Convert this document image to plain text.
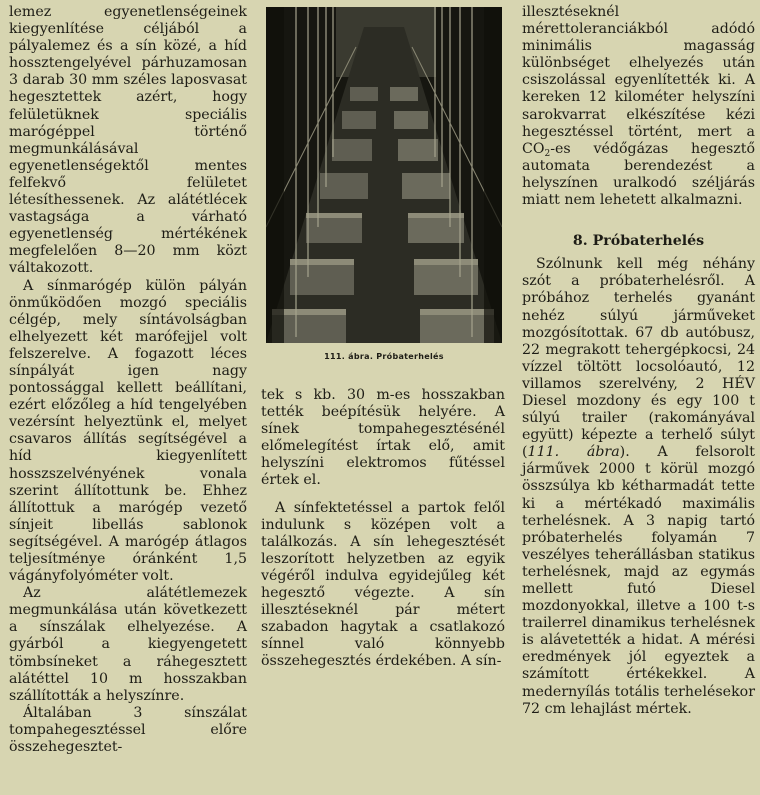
lemez egyenetlenségeinek kiegyenlítése céljából a pályalemez és a sín közé, a híd hossztengelyével párhuzamosan 3 darab 30 mm széles laposvasat hegesztettek azért, hogy felületüknek speciális marógéppel történő megmunkálásával egyenetlenségektől mentes felfekvő felületet létesíthessenek. Az alátétlécek vastagsága a várható egyenetlenség mértékének megfelelően 8—20 mm közt váltakozott.

A sínmarógép külön pályán önműködően mozgó speciális célgép, mely síntávolságban elhelyezett két marófejjel volt felszerelve. A fogazott léces sínpályát igen nagy pontossággal kellett beállítani, ezért előzőleg a híd tengelyében vezérsínt helyeztünk el, melyet csavaros állítás segítségével a híd kiegyenlített hosszszelvényének vonala szerint állítottunk be. Ehhez állítottuk a marógép vezető sínjeit libellás sablonok segítségével. A marógép átlagos teljesítménye óránként 1,5 vágányfolyóméter volt.

Az alátétlemezek megmunkálása után következett a sínszálak elhelyezése. A gyárból a kiegyengetett tömbsíneket a ráhegesztett alátéttel 10 m hosszakban szállították a helyszínre.

Általában 3 sínszálat tompahegesztéssel előre összehegesztet-

111. ábra. Próbaterhelés

tek s kb. 30 m-es hosszakban tették beépítésük helyére. A sínek tompahegesztésénél előmelegítést írtak elő, amit helyszíni elektromos fűtéssel értek el.

A sínfektetéssel a partok felől indulunk s középen volt a találkozás. A sín lehegesztését leszorított helyzetben az egyik végéről indulva egyidejűleg két hegesztő végezte. A sín illesztéseknél pár métert szabadon hagytak a csatlakozó sínnel való könnyebb összehegesztés érdekében. A sín-

illesztéseknél mérettoleranciákból adódó minimális magasság különbséget elhelyezés után csiszolással egyenlítették ki. A kereken 12 kilométer helyszíni sarokvarrat elkészítése kézi hegesztéssel történt, mert a $CO_2-es$ védőgázas hegesztő automata berendezést a helyszínen uralkodó széljárás miatt nem lehetett alkalmazni.

8. Próbaterhelés

Szólnunk kell még néhány szót a próbaterhelésről. A próbához terhelés gyanánt nehéz súlyú járműveket mozgósítottak. 67 db autóbusz, 22 megrakott tehergépkocsi, 24 vízzel töltött locsolóautó, 12 villamos szerelvény, 2 HÉV Diesel mozdony és egy 100 t súlyú trailer (rakományával együtt) képezte a terhelő súlyt (111. ábra). A felsorolt járművek 2000 t körül mozgó összsúlya kb kétharmadát tette ki a mértékadó maximális terhelésnek. A 3 napig tartó próbaterhelés folyamán 7 veszélyes teherállásban statikus terhelésnek, majd az egymás mellett futó Diesel mozdonyokkal, illetve a 100 t-s trailerrel dinamikus terhelésnek is alávetették a hidat. A mérési eredmények jól egyeztek a számított értékekkel. A medernyílás totális terhelésekor 72 cm lehajlást mértek.
